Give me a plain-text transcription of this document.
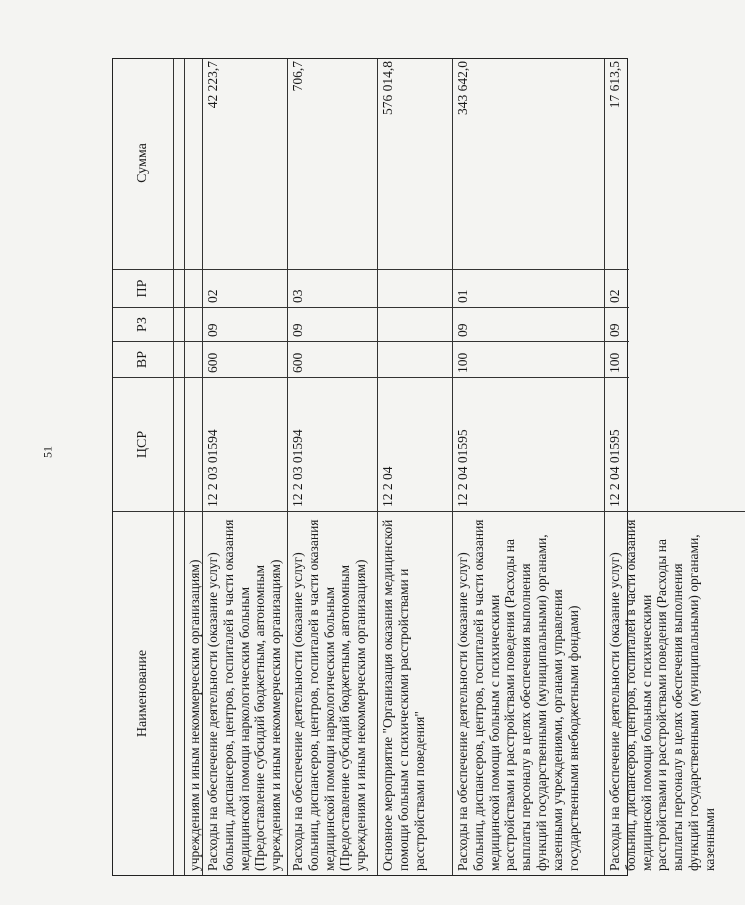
51
Наименование
ЦСР
ВР
РЗ
ПР
Сумма
учреждениям и иным некоммерческим организациям) Расходы на обеспечение деятельности (оказание услуг) больниц, диспансеров, центров, госпиталей в части оказания медицинской помощи наркологическим больным (Предоставление субсидий бюджетным, автономным учреждениям и иным некоммерческим организациям)
12 2 03 01594
600
09
02
42 223,7
Расходы на обеспечение деятельности (оказание услуг) больниц, диспансеров, центров, госпиталей в части оказания медицинской помощи наркологическим больным (Предоставление субсидий бюджетным, автономным учреждениям и иным некоммерческим организациям)
12 2 03 01594
600
09
03
706,7
Основное мероприятие "Организация оказания медицинской помощи больным с психическими расстройствами и расстройствами поведения"
12 2 04
576 014,8
Расходы на обеспечение деятельности (оказание услуг) больниц, диспансеров, центров, госпиталей в части оказания медицинской помощи больным с психическими расстройствами и расстройствами поведения (Расходы на выплаты персоналу в целях обеспечения выполнения функций государственными (муниципальными) органами, казенными учреждениями, органами управления государственными внебюджетными фондами)
12 2 04 01595
100
09
01
343 642,0
Расходы на обеспечение деятельности (оказание услуг) больниц, диспансеров, центров, госпиталей в части оказания медицинской помощи больным с психическими расстройствами и расстройствами поведения (Расходы на выплаты персоналу в целях обеспечения выполнения функций государственными (муниципальными) органами, казенными
12 2 04 01595
100
09
02
17 613,5
